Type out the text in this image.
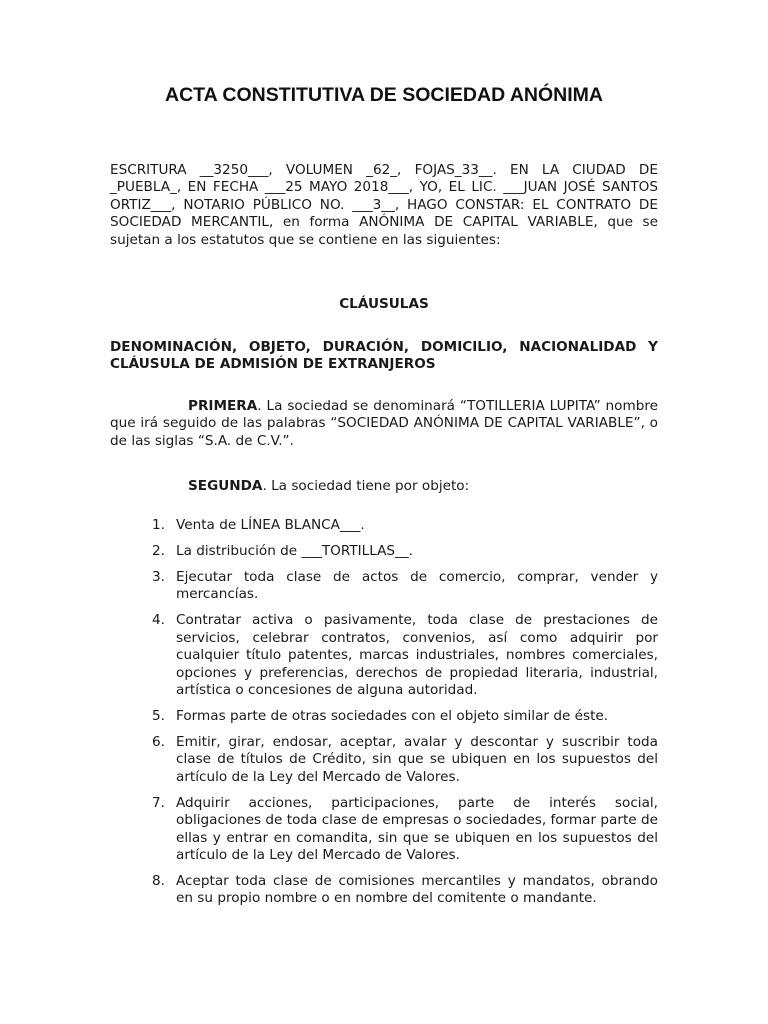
ACTA CONSTITUTIVA DE SOCIEDAD ANÓNIMA

ESCRITURA __3250___, VOLUMEN _62_, FOJAS_33__. EN LA CIUDAD DE _PUEBLA_, EN FECHA ___25 MAYO 2018___, YO, EL LIC. ___JUAN JOSÉ SANTOS ORTIZ___, NOTARIO PÚBLICO NO. ___3__, HAGO CONSTAR: EL CONTRATO DE SOCIEDAD MERCANTIL, en forma ANÓNIMA DE CAPITAL VARIABLE, que se sujetan a los estatutos que se contiene en las siguientes:

CLÁUSULAS

DENOMINACIÓN, OBJETO, DURACIÓN, DOMICILIO, NACIONALIDAD Y CLÁUSULA DE ADMISIÓN DE EXTRANJEROS

PRIMERA. La sociedad se denominará “TOTILLERIA LUPITA” nombre que irá seguido de las palabras “SOCIEDAD ANÓNIMA DE CAPITAL VARIABLE”, o de las siglas “S.A. de C.V.”.

SEGUNDA. La sociedad tiene por objeto:

1. Venta de LÍNEA BLANCA___.
2. La distribución de ___TORTILLAS__.
3. Ejecutar toda clase de actos de comercio, comprar, vender y mercancías.
4. Contratar activa o pasivamente, toda clase de prestaciones de servicios, celebrar contratos, convenios, así como adquirir por cualquier título patentes, marcas industriales, nombres comerciales, opciones y preferencias, derechos de propiedad literaria, industrial, artística o concesiones de alguna autoridad.
5. Formas parte de otras sociedades con el objeto similar de éste.
6. Emitir, girar, endosar, aceptar, avalar y descontar y suscribir toda clase de títulos de Crédito, sin que se ubiquen en los supuestos del artículo de la Ley del Mercado de Valores.
7. Adquirir acciones, participaciones, parte de interés social, obligaciones de toda clase de empresas o sociedades, formar parte de ellas y entrar en comandita, sin que se ubiquen en los supuestos del artículo de la Ley del Mercado de Valores.
8. Aceptar toda clase de comisiones mercantiles y mandatos, obrando en su propio nombre o en nombre del comitente o mandante.
